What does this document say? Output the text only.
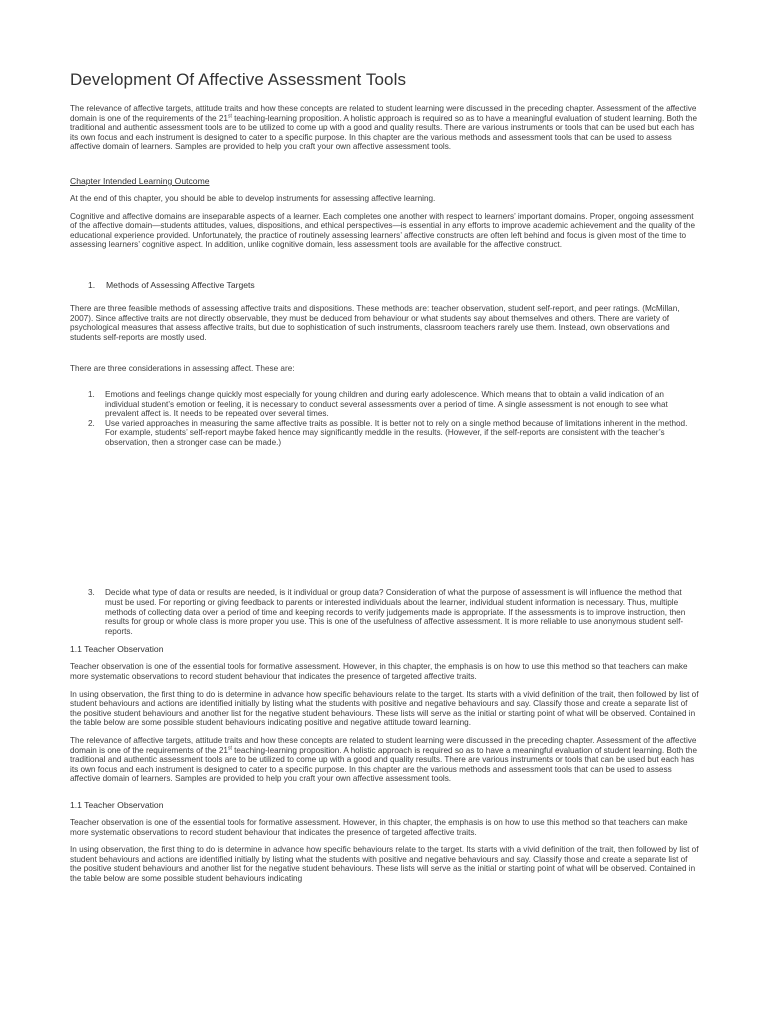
Development Of Affective Assessment Tools

The relevance of affective targets, attitude traits and how these concepts are related to student learning were discussed in the preceding chapter. Assessment of the affective domain is one of the requirements of the 21st teaching-learning proposition. A holistic approach is required so as to have a meaningful evaluation of student learning. Both the traditional and authentic assessment tools are to be utilized to come up with a good and quality results. There are various instruments or tools that can be used but each has its own focus and each instrument is designed to cater to a specific purpose. In this chapter are the various methods and assessment tools that can be used to assess affective domain of learners. Samples are provided to help you craft your own affective assessment tools.

Chapter Intended Learning Outcome

At the end of this chapter, you should be able to develop instruments for assessing affective learning.

Cognitive and affective domains are inseparable aspects of a learner. Each completes one another with respect to learners’ important domains. Proper, ongoing assessment of the affective domain—students attitudes, values, dispositions, and ethical perspectives—is essential in any efforts to improve academic achievement and the quality of the educational experience provided. Unfortunately, the practice of routinely assessing learners’ affective constructs are often left behind and focus is given most of the time to assessing learners’ cognitive aspect. In addition, unlike cognitive domain, less assessment tools are available for the affective construct.

1.	Methods of Assessing Affective Targets

There are three feasible methods of assessing affective traits and dispositions. These methods are: teacher observation, student self-report, and peer ratings. (McMillan, 2007). Since affective traits are not directly observable, they must be deduced from behaviour or what students say about themselves and others. There are variety of psychological measures that assess affective traits, but due to sophistication of such instruments, classroom teachers rarely use them. Instead, own observations and students self-reports are mostly used.

There are three considerations in assessing affect. These are:

1.	Emotions and feelings change quickly most especially for young children and during early adolescence. Which means that to obtain a valid indication of an individual student’s emotion or feeling, it is necessary to conduct several assessments over a period of time. A single assessment is not enough to see what prevalent affect is. It needs to be repeated over several times.
2.	Use varied approaches in measuring the same affective traits as possible. It is better not to rely on a single method because of limitations inherent in the method. For example, students’ self-report maybe faked hence may significantly meddle in the results. (However, if the self-reports are consistent with the teacher’s observation, then a stronger case can be made.)
3.	Decide what type of data or results are needed, is it individual or group data? Consideration of what the purpose of assessment is will influence the method that must be used. For reporting or giving feedback to parents or interested individuals about the learner, individual student information is necessary. Thus, multiple methods of collecting data over a period of time and keeping records to verify judgements made is appropriate. If the assessments is to improve instruction, then results for group or whole class is more proper you use. This is one of the usefulness of affective assessment. It is more reliable to use anonymous student self-reports.
1.1 Teacher Observation

Teacher observation is one of the essential tools for formative assessment. However, in this chapter, the emphasis is on how to use this method so that teachers can make more systematic observations to record student behaviour that indicates the presence of targeted affective traits.

In using observation, the first thing to do is determine in advance how specific behaviours relate to the target. Its starts with a vivid definition of the trait, then followed by list of student behaviours and actions are identified initially by listing what the students with positive and negative behaviours and say. Classify those and create a separate list of the positive student behaviours and another list for the negative student behaviours. These lists will serve as the initial or starting point of what will be observed. Contained in the table below are some possible student behaviours indicating positive and negative attitude toward learning.

The relevance of affective targets, attitude traits and how these concepts are related to student learning were discussed in the preceding chapter. Assessment of the affective domain is one of the requirements of the 21st teaching-learning proposition. A holistic approach is required so as to have a meaningful evaluation of student learning. Both the traditional and authentic assessment tools are to be utilized to come up with a good and quality results. There are various instruments or tools that can be used but each has its own focus and each instrument is designed to cater to a specific purpose. In this chapter are the various methods and assessment tools that can be used to assess affective domain of learners. Samples are provided to help you craft your own affective assessment tools.

1.1 Teacher Observation

Teacher observation is one of the essential tools for formative assessment. However, in this chapter, the emphasis is on how to use this method so that teachers can make more systematic observations to record student behaviour that indicates the presence of targeted affective traits.

In using observation, the first thing to do is determine in advance how specific behaviours relate to the target. Its starts with a vivid definition of the trait, then followed by list of student behaviours and actions are identified initially by listing what the students with positive and negative behaviours and say. Classify those and create a separate list of the positive student behaviours and another list for the negative student behaviours. These lists will serve as the initial or starting point of what will be observed. Contained in the table below are some possible student behaviours indicating
